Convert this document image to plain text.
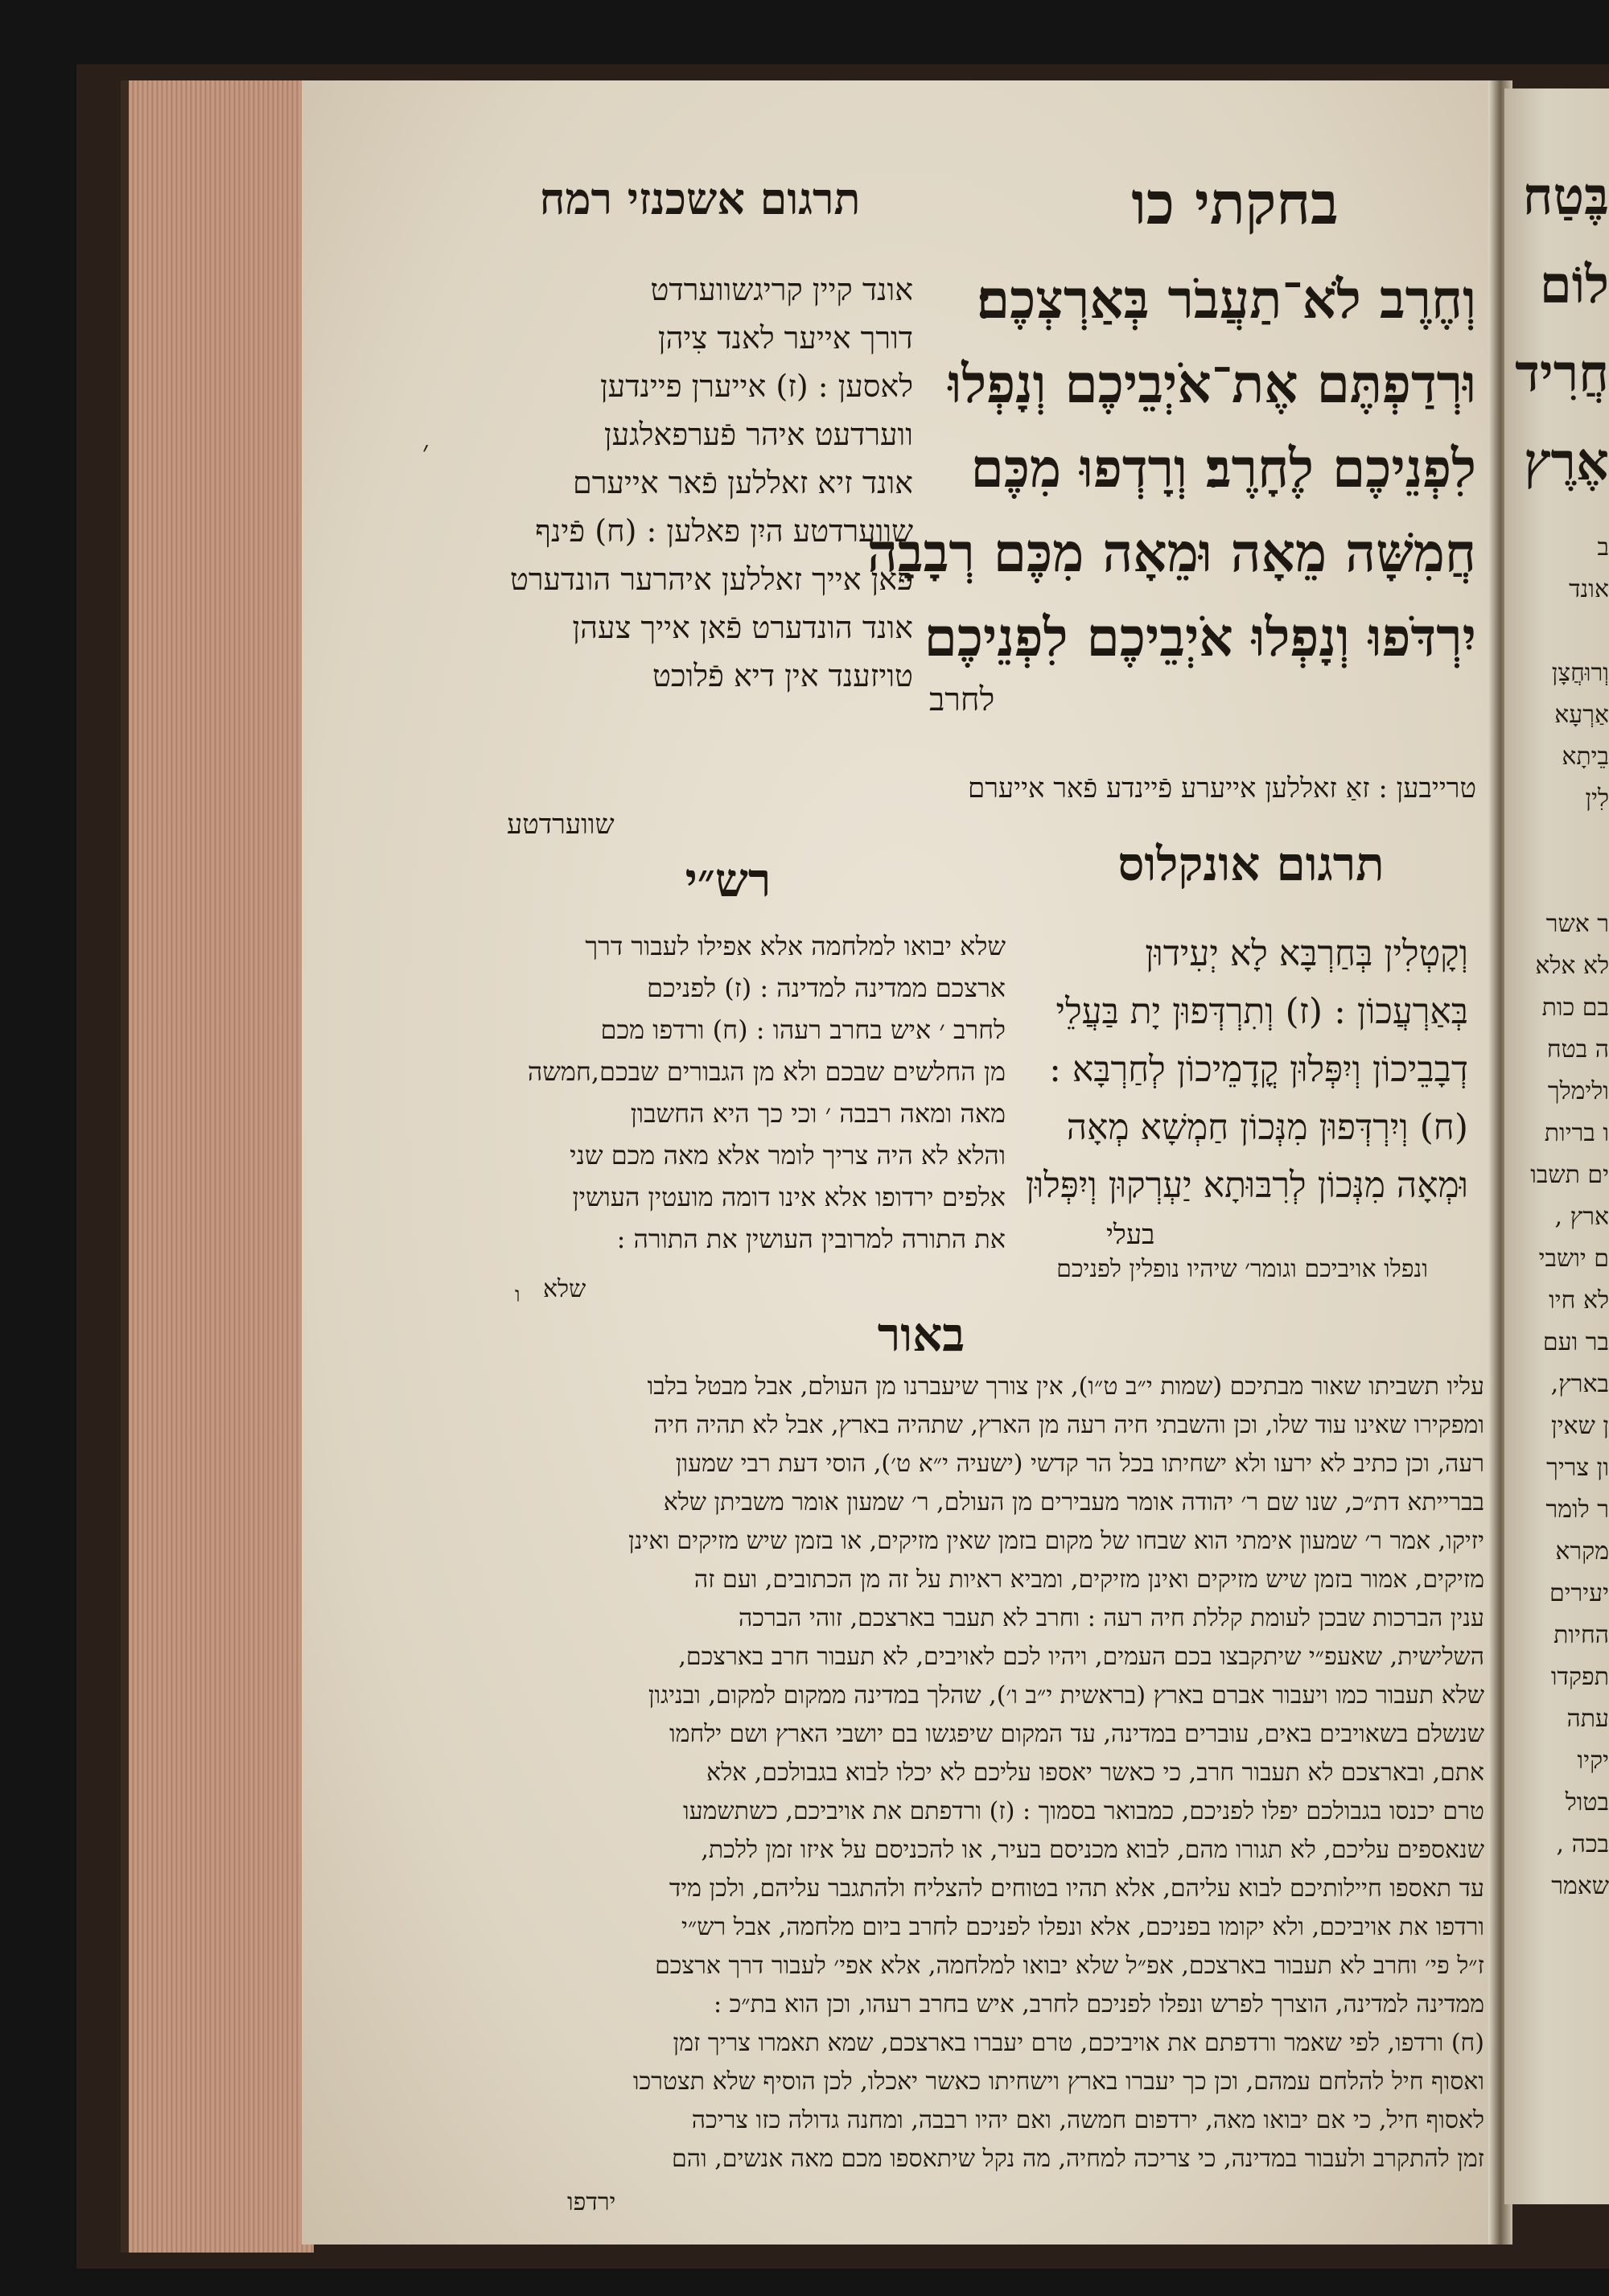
תרגום אשכנזי רמח	בחקתי כו
׳

אונד קיין קריגשווערדט

דורך אייער לאנד צִיהן

לאסען : (ז) אייערן פיינדען

ווערדעט איהר פֿערפאלגען

אונד זיא זאללען פֿאר אייערם

שווערדטע היִן פאלען : (ח) פֿינף

פֿאן אייך זאללען איהרער הונדערט

אונד הונדערט פֿאן אייך צעהן

טויזענד אין דיא פֿלוכט

וְחֶרֶב לֹא־תַעֲבֹר בְּאַרְצְכֶם׃

וּרְדַפְתֶּם אֶת־אֹיְבֵיכֶם וְנָפְלוּ

לִפְנֵיכֶם לֶחָרֶב׃ וְרָדְפוּ מִכֶּם

חֲמִשָּׁה מֵאָה וּמֵאָה מִכֶּם רְבָבָה

יִרְדֹּפוּ וְנָפְלוּ אֹיְבֵיכֶם לִפְנֵיכֶם

לחרב

טרייבען : זאַ זאללען אייערע פֿיינדע פֿאר אייערם
שווערדטע
תרגום אונקלוס
רש״י

וְקָטְלִין בְּחַרְבָּא לָא יְעִידוּן

בְּאַרְעֲכוֹן : (ז) וְתִרְדְּפוּן יָת בַּעֲלֵי

דְבָבֵיכוֹן וְיִפְּלוּן קֳדָמֵיכוֹן לְחַרְבָּא :

(ח) וְיִרְדְּפוּן מִנְּכוֹן חַמְשָׁא מְאָה

וּמְאָה מִנְּכוֹן לְרִבּוּתָא יַעְרְקוּן וְיִפְּלוּן

בעלי
ונפלו אויביכם וגומר׳ שיהיו נופלין לפניכם

שלא יבואו למלחמה אלא אפילו לעבור דרך

ארצכם ממדינה למדינה : (ז) לפניכם

לחרב ׳ איש בחרב רעהו : (ח) ורדפו מכם

מן החלשים שבכם ולא מן הגבורים שבכם,חמשה

מאה ומאה רבבה ׳ וכי כך היא החשבון

והלא לא היה צריך לומר אלא מאה מכם שני

אלפים ירדופו אלא אינו דומה מועטין העושין

את התורה למרובין העושין את התורה :

שלא
ו
באור

עליו תשביתו שאור מבתיכם (שמות י״ב ט״ו), אין צורך שיעברנו מן העולם, אבל מבטל בלבו

ומפקירו שאינו עוד שלו, וכן והשבתי חיה רעה מן הארץ, שתהיה בארץ, אבל לא תהיה חיה

רעה, וכן כתיב לא ירעו ולא ישחיתו בכל הר קדשי (ישעיה י״א ט׳), הוסי דעת רבי שמעון

בברייתא דת״כ, שנו שם ר׳ יהודה אומר מעבירים מן העולם, ר׳ שמעון אומר משביתן שלא

יזיקו, אמר ר׳ שמעון אימתי הוא שבחו של מקום בזמן שאין מזיקים, או בזמן שיש מזיקים ואינן

מזיקים, אמור בזמן שיש מזיקים ואינן מזיקים, ומביא ראיות על זה מן הכתובים, ועם זה

ענין הברכות שבכן לעומת קללת חיה רעה : וחרב לא תעבר בארצכם, זוהי הברכה

השלישית, שאעפ״י שיתקבצו בכם העמים, ויהיו לכם לאויבים, לא תעבור חרב בארצכם,

שלא תעבור כמו ויעבור אברם בארץ (בראשית י״ב ו׳), שהלך במדינה ממקום למקום, ובניגון

שנשלם בשאויבים באים, עוברים במדינה, עד המקום שיפגשו בם יושבי הארץ ושם ילחמו

אתם, ובארצכם לא תעבור חרב, כי כאשר יאספו עליכם לא יכלו לבוא בגבולכם, אלא

טרם יכנסו בגבולכם יפלו לפניכם, כמבואר בסמוך : (ז) ורדפתם את אויביכם, כשתשמעו

שנאספים עליכם, לא תגורו מהם, לבוא מכניסם בעיר, או להכניסם על איזו זמן ללכת,

עד תאספו חיילותיכם לבוא עליהם, אלא תהיו בטוחים להצליח ולהתגבר עליהם, ולכן מיד

ורדפו את אויביכם, ולא יקומו בפניכם, אלא ונפלו לפניכם לחרב ביום מלחמה, אבל רש״י

ז״ל פי׳ וחרב לא תעבור בארצכם, אפ״ל שלא יבואו למלחמה, אלא אפי׳ לעבור דרך ארצכם

ממדינה למדינה, הוצרך לפרש ונפלו לפניכם לחרב, איש בחרב רעהו, וכן הוא בת״כ :

(ח) ורדפו, לפי שאמר ורדפתם את אויביכם, טרם יעברו בארצכם, שמא תאמרו צריך זמן

ואסוף חיל להלחם עמהם, וכן כך יעברו בארץ וישחיתו כאשר יאכלו, לכן הוסיף שלא תצטרכו

לאסוף חיל, כי אם יבואו מאה, ירדפום חמשה, ואם יהיו רבבה, ומחנה גדולה כזו צריכה

זמן להתקרב ולעבור במדינה, כי צריכה למחיה, מה נקל שיתאספו מכם מאה אנשים, והם

ירדפו
בֶּטַח
לוֹם
חֲרִיד
אֶרֶץ
ב
אונד

וְרוּחֲצָן
אַרְעָא
בֵיתָא
לִין

ר אשר
לא אלא
בם כות
ה בטח
ולימלך
ו בריות
ים תשבו
ארץ ,
ם יושבי
לא חיו
בר ועם
בארץ,
ן שאין
ון צריך
ר לומר
מקרא
יעירים
החיות
תפקדו
עתה
יקיו
בטול
בכה ,
שאמר
